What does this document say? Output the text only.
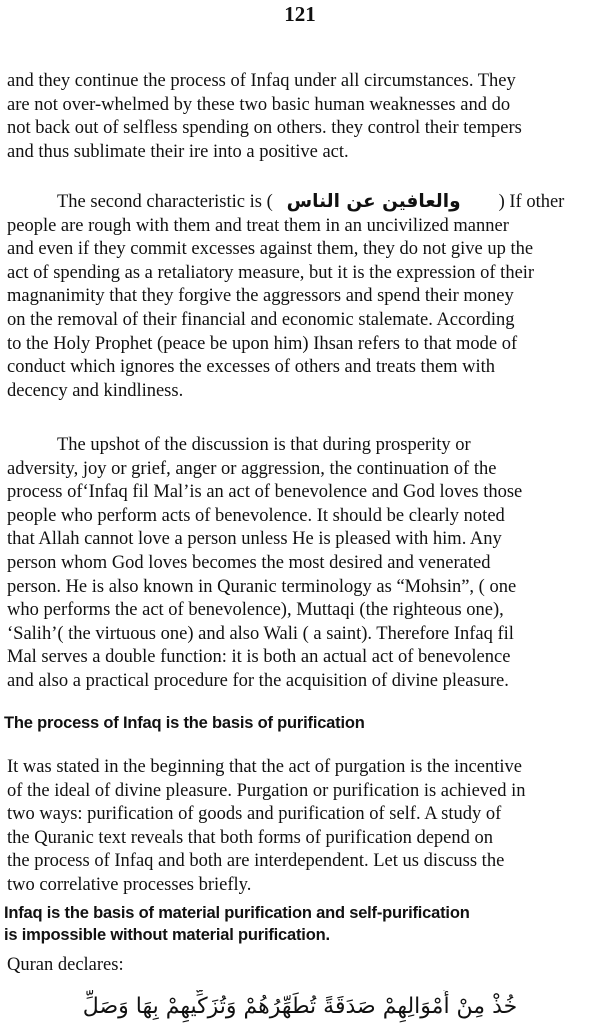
121
and they continue the process of Infaq under all circumstances. They
are not over-whelmed by these two basic human weaknesses and do
not back out of selfless spending on others. they control their tempers
and thus sublimate their ire into a positive act.
The second characteristic is ( والعافين عن الناس ) If other
people are rough with them and treat them in an uncivilized manner
and even if they commit excesses against them, they do not give up the
act of spending as a retaliatory measure, but it is the expression of their
magnanimity that they forgive the aggressors and spend their money
on the removal of their financial and economic stalemate. According
to the Holy Prophet (peace be upon him) Ihsan refers to that mode of
conduct which ignores the excesses of others and treats them with
decency and kindliness.
The upshot of the discussion is that during prosperity or
adversity, joy or grief, anger or aggression, the continuation of the
process of‘Infaq fil Mal’is an act of benevolence and God loves those
people who perform acts of benevolence. It should be clearly noted
that Allah cannot love a person unless He is pleased with him. Any
person whom God loves becomes the most desired and venerated
person. He is also known in Quranic terminology as “Mohsin”, ( one
who performs the act of benevolence), Muttaqi (the righteous one),
‘Salih’( the virtuous one) and also Wali ( a saint). Therefore Infaq fil
Mal serves a double function: it is both an actual act of benevolence
and also a practical procedure for the acquisition of divine pleasure.
The process of Infaq is the basis of purification
It was stated in the beginning that the act of purgation is the incentive
of the ideal of divine pleasure. Purgation or purification is achieved in
two ways: purification of goods and purification of self. A study of
the Quranic text reveals that both forms of purification depend on
the process of Infaq and both are interdependent. Let us discuss the
two correlative processes briefly.
Infaq is the basis of material purification and self-purification
is impossible without material purification.
Quran declares:
خُذْ مِنْ أَمْوَالِهِمْ صَدَقَةً تُطَهِّرُهُمْ وَتُزَكِّيهِمْ بِهَا وَصَلِّ
